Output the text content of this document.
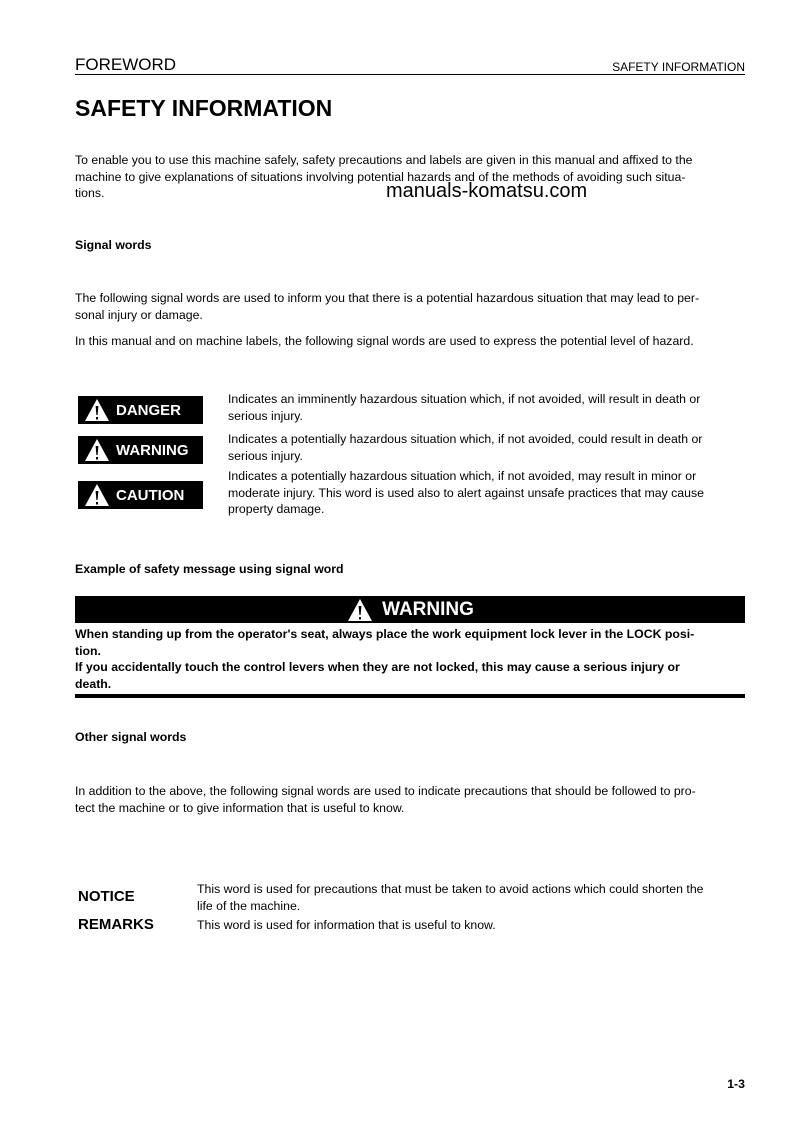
FOREWORD	SAFETY INFORMATION
SAFETY INFORMATION
To enable you to use this machine safely, safety precautions and labels are given in this manual and affixed to the
machine to give explanations of situations involving potential hazards and of the methods of avoiding such situa-
tions.	manuals-komatsu.com
Signal words
The following signal words are used to inform you that there is a potential hazardous situation that may lead to per-
sonal injury or damage.
In this manual and on machine labels, the following signal words are used to express the potential level of hazard.
DANGER
Indicates an imminently hazardous situation which, if not avoided, will result in death or
serious injury.
WARNING
Indicates a potentially hazardous situation which, if not avoided, could result in death or
serious injury.
CAUTION
Indicates a potentially hazardous situation which, if not avoided, may result in minor or
moderate injury. This word is used also to alert against unsafe practices that may cause
property damage.
Example of safety message using signal word
WARNING
When standing up from the operator's seat, always place the work equipment lock lever in the LOCK posi-
tion.
If you accidentally touch the control levers when they are not locked, this may cause a serious injury or
death.
Other signal words
In addition to the above, the following signal words are used to indicate precautions that should be followed to pro-
tect the machine or to give information that is useful to know.
NOTICE	This word is used for precautions that must be taken to avoid actions which could shorten the
life of the machine.
REMARKS	This word is used for information that is useful to know.
1-3
